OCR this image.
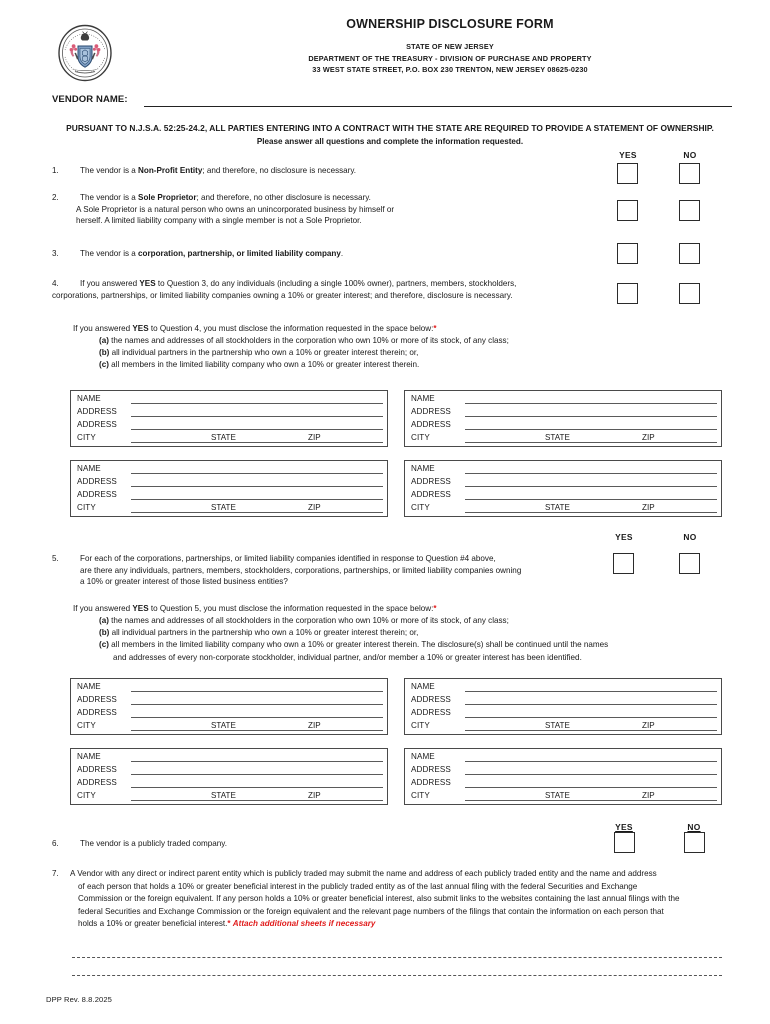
OWNERSHIP DISCLOSURE FORM
STATE OF NEW JERSEY
DEPARTMENT OF THE TREASURY - DIVISION OF PURCHASE AND PROPERTY
33 WEST STATE STREET, P.O. BOX 230 TRENTON, NEW JERSEY 08625-0230
VENDOR NAME:
PURSUANT TO N.J.S.A. 52:25-24.2, ALL PARTIES ENTERING INTO A CONTRACT WITH THE STATE ARE REQUIRED TO PROVIDE A STATEMENT OF OWNERSHIP.
Please answer all questions and complete the information requested.
YES	NO
1.	The vendor is a Non-Profit Entity; and therefore, no disclosure is necessary.
2.	The vendor is a Sole Proprietor; and therefore, no other disclosure is necessary.
A Sole Proprietor is a natural person who owns an unincorporated business by himself or
herself. A limited liability company with a single member is not a Sole Proprietor.
3.	The vendor is a corporation, partnership, or limited liability company.
4.	If you answered YES to Question 3, do any individuals (including a single 100% owner), partners, members, stockholders,
corporations, partnerships, or limited liability companies owning a 10% or greater interest; and therefore, disclosure is necessary.
If you answered YES to Question 4, you must disclose the information requested in the space below:*
(a) the names and addresses of all stockholders in the corporation who own 10% or more of its stock, of any class;
(b) all individual partners in the partnership who own a 10% or greater interest therein; or,
(c) all members in the limited liability company who own a 10% or greater interest therein.
NAME
ADDRESS
ADDRESS
CITY	STATE	ZIP
NAME
ADDRESS
ADDRESS
CITY	STATE	ZIP
NAME
ADDRESS
ADDRESS
CITY	STATE	ZIP
NAME
ADDRESS
ADDRESS
CITY	STATE	ZIP
YES	NO
5.	For each of the corporations, partnerships, or limited liability companies identified in response to Question #4 above,
are there any individuals, partners, members, stockholders, corporations, partnerships, or limited liability companies owning
a 10% or greater interest of those listed business entities?
If you answered YES to Question 5, you must disclose the information requested in the space below:*
(a) the names and addresses of all stockholders in the corporation who own 10% or more of its stock, of any class;
(b) all individual partners in the partnership who own a 10% or greater interest therein; or,
(c) all members in the limited liability company who own a 10% or greater interest therein. The disclosure(s) shall be continued until the names
and addresses of every non-corporate stockholder, individual partner, and/or member a 10% or greater interest has been identified.
NAME
ADDRESS
ADDRESS
CITY	STATE	ZIP
NAME
ADDRESS
ADDRESS
CITY	STATE	ZIP
NAME
ADDRESS
ADDRESS
CITY	STATE	ZIP
NAME
ADDRESS
ADDRESS
CITY	STATE	ZIP
YES	NO
6.	The vendor is a publicly traded company.
7.	A Vendor with any direct or indirect parent entity which is publicly traded may submit the name and address of each publicly traded entity and the name and address
of each person that holds a 10% or greater beneficial interest in the publicly traded entity as of the last annual filing with the federal Securities and Exchange
Commission or the foreign equivalent. If any person holds a 10% or greater beneficial interest, also submit links to the websites containing the last annual filings with the
federal Securities and Exchange Commission or the foreign equivalent and the relevant page numbers of the filings that contain the information on each person that
holds a 10% or greater beneficial interest.* Attach additional sheets if necessary
DPP Rev. 8.8.2025
